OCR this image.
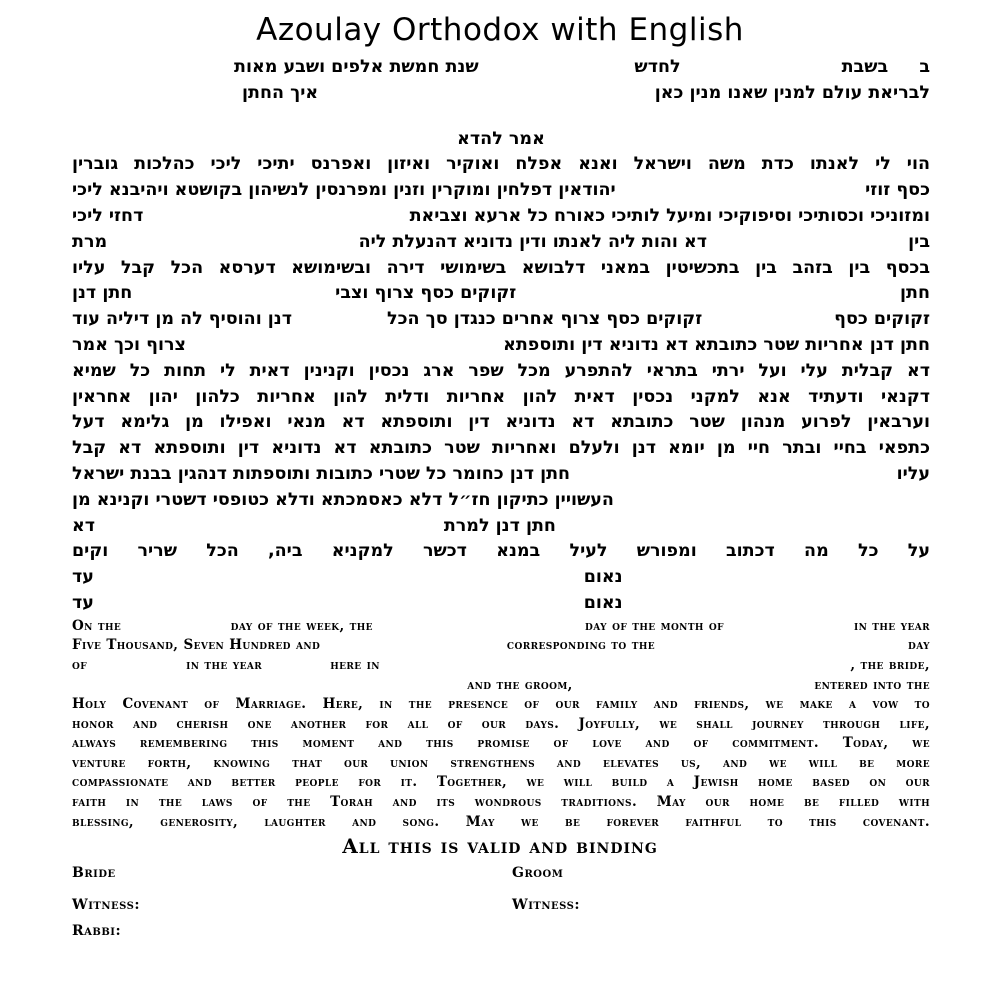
Azoulay Orthodox with English
שנת חמשת אלפים ושבע מאות	לחדש	בשבת ב
איך החתן	לבריאת עולם למנין שאנו מנין כאן
אמר להדא
הוי לי לאנתו כדת משה וישראל ואנא אפלח ואוקיר ואיזון ואפרנס יתיכי ליכי כהלכות גוברין
יהודאין דפלחין ומוקרין וזנין ומפרנסין לנשיהון בקושטא ויהיבנא ליכי	כסף זוזי
דחזי ליכי	ומזוניכי וכסותיכי וסיפוקיכי ומיעל לותיכי כאורח כל ארעא וצביאת
מרת	דא והות ליה לאנתו ודין נדוניא דהנעלת ליה	בין
בכסף בין בזהב בין בתכשיטין במאני דלבושא בשימושי דירה ובשימושא דערסא הכל קבל עליו
חתן דנן	זקוקים כסף צרוף וצבי	חתן
דנן והוסיף לה מן דיליה עוד	זקוקים כסף צרוף אחרים כנגדן סך הכל	זקוקים כסף
צרוף וכך אמר	חתן דנן אחריות שטר כתובתא דא נדוניא דין ותוספתא
דא קבלית עלי ועל ירתי בתראי להתפרע מכל שפר ארג נכסין וקנינין דאית לי תחות כל שמיא
דקנאי ודעתיד אנא למקני נכסין דאית להון אחריות ודלית להון אחריות כלהון יהון אחראין
וערבאין לפרוע מנהון שטר כתובתא דא נדוניא דין ותוספתא דא מנאי ואפילו מן גלימא דעל
כתפאי בחיי ובתר חיי מן יומא דנן ולעלם ואחריות שטר כתובתא דא נדוניא דין ותוספתא דא קבל
חתן דנן כחומר כל שטרי כתובות ותוספתות דנהגין בבנת ישראל	עליו
העשויין כתיקון חז״ל דלא כאסמכתא ודלא כטופסי דשטרי וקנינא מן
דא	חתן דנן למרת
על כל מה דכתוב ומפורש לעיל במנא דכשר למקניא ביה, הכל שריר וקים
עד	נאום
עד	נאום
On the	day of the week, the	day of the month of	in the year
Five Thousand, Seven Hundred and	corresponding to the	day
of	in the year	here in	, the bride,
and the groom,	entered into the
Holy Covenant of Marriage. Here, in the presence of our family and friends, we make a vow to
honor and cherish one another for all of our days. Joyfully, we shall journey through life,
always remembering this moment and this promise of love and of commitment. Today, we
venture forth, knowing that our union strengthens and elevates us, and we will be more
compassionate and better people for it. Together, we will build a Jewish home based on our
faith in the laws of the Torah and its wondrous traditions. May our home be filled with
blessing, generosity, laughter and song. May we be forever faithful to this covenant.
All this is valid and binding
Bride	Groom
Witness:	Witness:
Rabbi:
